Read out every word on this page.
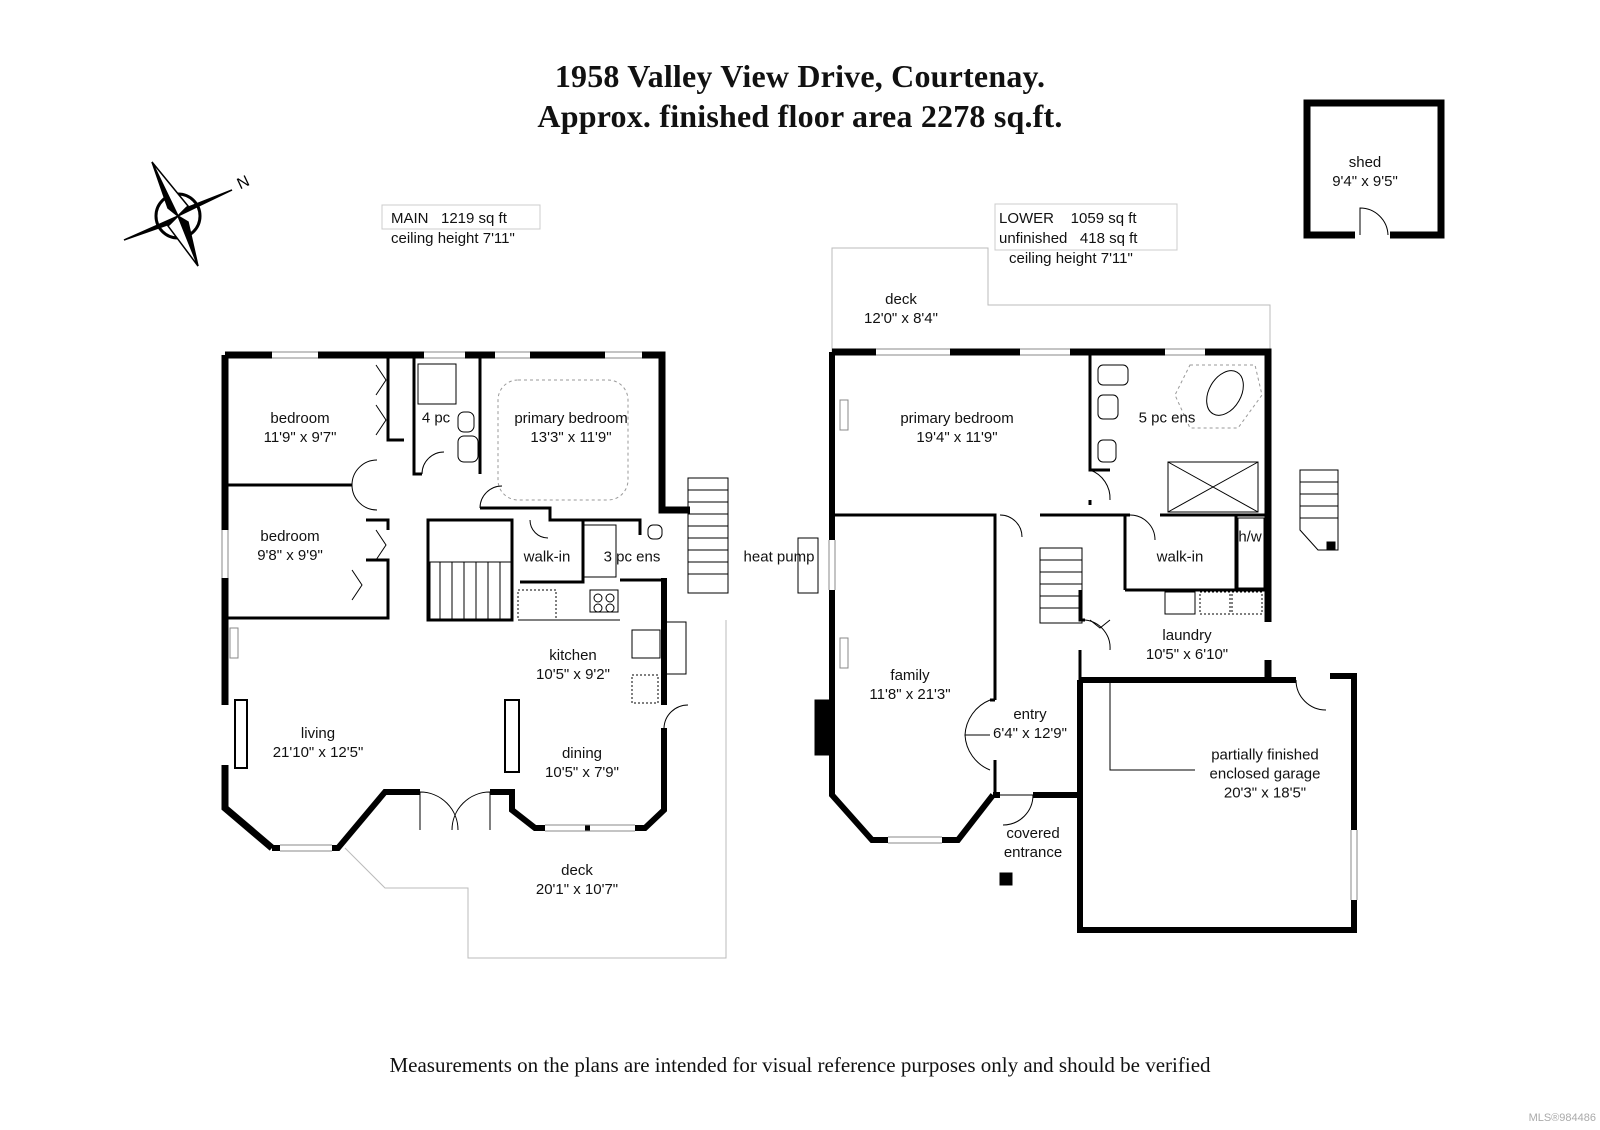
1958 Valley View Drive, Courtenay.
Approx. finished floor area 2278 sq.ft.
N
MAIN   1219 sq ft
ceiling height 7'11"
LOWER    1059 sq ft
unfinished   418 sq ft
ceiling height 7'11"
bedroom
11'9" x 9'7"
4 pc	primary bedroom
13'3" x 11'9"
bedroom
9'8" x 9'9"	walk-in 3 pc ens
kitchen
10'5" x 9'2"
living
21'10" x 12'5"	dining
10'5" x 7'9"
deck
20'1" x 10'7"
heat pump
deck
12'0" x 8'4"
primary bedroom
19'4" x 11'9"
5 pc ens
h/w
walk-in
family
11'8" x 21'3"
laundry
10'5" x 6'10"
entry
6'4" x 12'9"
partially finished
enclosed garage
20'3" x 18'5"
covered
entrance
shed
9'4" x 9'5"
Measurements on the plans are intended for visual reference purposes only and should be verified
MLS®984486
